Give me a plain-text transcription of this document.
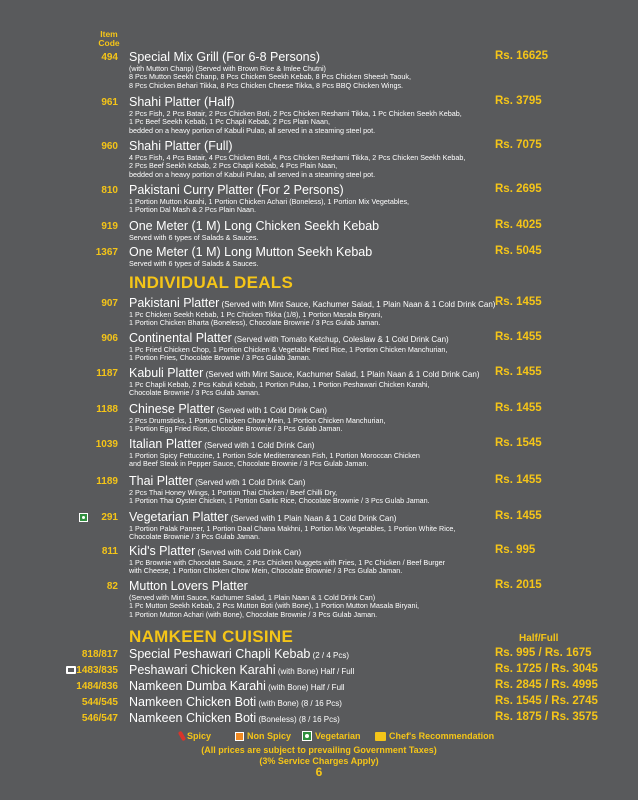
Item
Code
494 Special Mix Grill (For 6-8 Persons)	Rs. 16625
(with Mutton Chanp) (Served with Brown Rice & Imlee Chutni)
8 Pcs Mutton Seekh Chanp, 8 Pcs Chicken Seekh Kebab, 8 Pcs Chicken Sheesh Taouk,
8 Pcs Chicken Behari Tikka, 8 Pcs Chicken Cheese Tikka, 8 Pcs BBQ Chicken Wings.
961 Shahi Platter (Half)	Rs. 3795
2 Pcs Fish, 2 Pcs Batair, 2 Pcs Chicken Boti, 2 Pcs Chicken Reshami Tikka, 1 Pc Chicken Seekh Kebab,
1 Pc Beef Seekh Kebab, 1 Pc Chapli Kebab, 2 Pcs Plain Naan,
bedded on a heavy portion of Kabuli Pulao, all served in a steaming steel pot.
960 Shahi Platter (Full)	Rs. 7075
4 Pcs Fish, 4 Pcs Batair, 4 Pcs Chicken Boti, 4 Pcs Chicken Reshami Tikka, 2 Pcs Chicken Seekh Kebab,
2 Pcs Beef Seekh Kebab, 2 Pcs Chapli Kebab, 4 Pcs Plain Naan,
bedded on a heavy portion of Kabuli Pulao, all served in a steaming steel pot.
810 Pakistani Curry Platter (For 2 Persons)	Rs. 2695
1 Portion Mutton Karahi, 1 Portion Chicken Achari (Boneless), 1 Portion Mix Vegetables,
1 Portion Dal Mash & 2 Pcs Plain Naan.
919 One Meter (1 M) Long Chicken Seekh Kebab	Rs. 4025
Served with 6 types of Salads & Sauces.
1367 One Meter (1 M) Long Mutton Seekh Kebab	Rs. 5045
Served with 6 types of Salads & Sauces.
INDIVIDUAL DEALS
907 Pakistani Platter (Served with Mint Sauce, Kachumer Salad, 1 Plain Naan & 1 Cold Drink Can) Rs. 1455
1 Pc Chicken Seekh Kebab, 1 Pc Chicken Tikka (1/8), 1 Portion Masala Biryani,
1 Portion Chicken Bharta (Boneless), Chocolate Brownie / 3 Pcs Gulab Jaman.
906 Continental Platter (Served with Tomato Ketchup, Coleslaw & 1 Cold Drink Can)	Rs. 1455
1 Pc Fried Chicken Chop, 1 Portion Chicken & Vegetable Fried Rice, 1 Portion Chicken Manchurian,
1 Portion Fries, Chocolate Brownie / 3 Pcs Gulab Jaman.
1187 Kabuli Platter (Served with Mint Sauce, Kachumer Salad, 1 Plain Naan & 1 Cold Drink Can) Rs. 1455
1 Pc Chapli Kebab, 2 Pcs Kabuli Kebab, 1 Portion Pulao, 1 Portion Peshawari Chicken Karahi,
Chocolate Brownie / 3 Pcs Gulab Jaman.
1188 Chinese Platter (Served with 1 Cold Drink Can)	Rs. 1455
2 Pcs Drumsticks, 1 Portion Chicken Chow Mein, 1 Portion Chicken Manchurian,
1 Portion Egg Fried Rice, Chocolate Brownie / 3 Pcs Gulab Jaman.
1039 Italian Platter (Served with 1 Cold Drink Can)	Rs. 1545
1 Portion Spicy Fettuccine, 1 Portion Sole Mediterranean Fish, 1 Portion Moroccan Chicken
and Beef Steak in Pepper Sauce, Chocolate Brownie / 3 Pcs Gulab Jaman.
1189 Thai Platter (Served with 1 Cold Drink Can)	Rs. 1455
2 Pcs Thai Honey Wings, 1 Portion Thai Chicken / Beef Chilli Dry,
1 Portion Thai Oyster Chicken, 1 Portion Garlic Rice, Chocolate Brownie / 3 Pcs Gulab Jaman.
291 Vegetarian Platter (Served with 1 Plain Naan & 1 Cold Drink Can)	Rs. 1455
1 Portion Palak Paneer, 1 Portion Daal Chana Makhni, 1 Portion Mix Vegetables, 1 Portion White Rice,
Chocolate Brownie / 3 Pcs Gulab Jaman.
811 Kid's Platter (Served with Cold Drink Can)	Rs. 995
1 Pc Brownie with Chocolate Sauce, 2 Pcs Chicken Nuggets with Fries, 1 Pc Chicken / Beef Burger
with Cheese, 1 Portion Chicken Chow Mein, Chocolate Brownie / 3 Pcs Gulab Jaman.
82 Mutton Lovers Platter	Rs. 2015
(Served with Mint Sauce, Kachumer Salad, 1 Plain Naan & 1 Cold Drink Can)
1 Pc Mutton Seekh Kebab, 2 Pcs Mutton Boti (with Bone), 1 Portion Mutton Masala Biryani,
1 Portion Mutton Achari (with Bone), Chocolate Brownie / 3 Pcs Gulab Jaman.
NAMKEEN CUISINE	Half/Full
818/817 Special Peshawari Chapli Kebab (2 / 4 Pcs)	Rs. 995 / Rs. 1675
1483/835 Peshawari Chicken Karahi (with Bone) Half / Full	Rs. 1725 / Rs. 3045
1484/836 Namkeen Dumba Karahi (with Bone) Half / Full	Rs. 2845 / Rs. 4995
544/545 Namkeen Chicken Boti (with Bone) (8 / 16 Pcs)	Rs. 1545 / Rs. 2745
546/547 Namkeen Chicken Boti (Boneless) (8 / 16 Pcs)	Rs. 1875 / Rs. 3575
Spicy	Non Spicy	Vegetarian	Chef's Recommendation
(All prices are subject to prevailing Government Taxes)
(3% Service Charges Apply)
6
